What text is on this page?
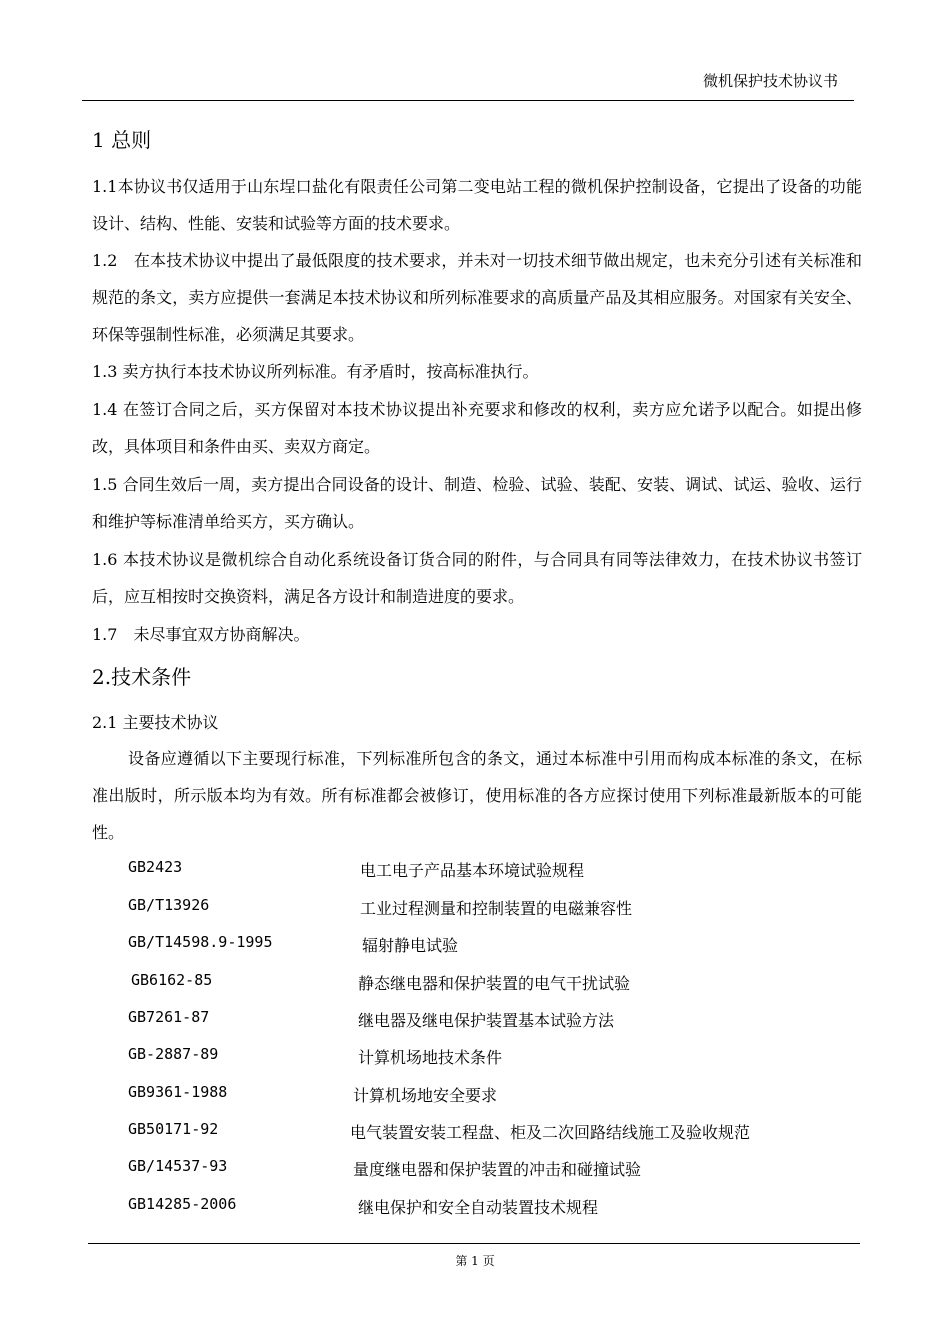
微机保护技术协议书
1 总则

1.1本协议书仅适用于山东埕口盐化有限责任公司第二变电站工程的微机保护控制设备，它提出了设备的功能设计、结构、性能、安装和试验等方面的技术要求。

1.2　在本技术协议中提出了最低限度的技术要求，并未对一切技术细节做出规定，也未充分引述有关标准和规范的条文，卖方应提供一套满足本技术协议和所列标准要求的高质量产品及其相应服务。对国家有关安全、 环保等强制性标准，必须满足其要求。

1.3 卖方执行本技术协议所列标准。有矛盾时，按高标准执行。

1.4 在签订合同之后，买方保留对本技术协议提出补充要求和修改的权利，卖方应允诺予以配合。如提出修改，具体项目和条件由买、卖双方商定。

1.5 合同生效后一周，卖方提出合同设备的设计、制造、检验、试验、装配、安装、调试、试运、验收、运行和维护等标准清单给买方，买方确认。

1.6 本技术协议是微机综合自动化系统设备订货合同的附件，与合同具有同等法律效力，在技术协议书签订后，应互相按时交换资料，满足各方设计和制造进度的要求。

1.7　未尽事宜双方协商解决。

2.技术条件
2.1 主要技术协议

设备应遵循以下主要现行标准，下列标准所包含的条文，通过本标准中引用而构成本标准的条文，在标准出版时，所示版本均为有效。所有标准都会被修订，使用标准的各方应探讨使用下列标准最新版本的可能性。

GB2423	电工电子产品基本环境试验规程
GB/T13926	工业过程测量和控制装置的电磁兼容性
GB/T14598.9-1995	辐射静电试验
GB6162-85	静态继电器和保护装置的电气干扰试验
GB7261-87	继电器及继电保护装置基本试验方法
GB-2887-89	计算机场地技术条件
GB9361-1988	计算机场地安全要求
GB50171-92	电气装置安装工程盘、柜及二次回路结线施工及验收规范
GB/14537-93	量度继电器和保护装置的冲击和碰撞试验
GB14285-2006	继电保护和安全自动装置技术规程
第 1 页
